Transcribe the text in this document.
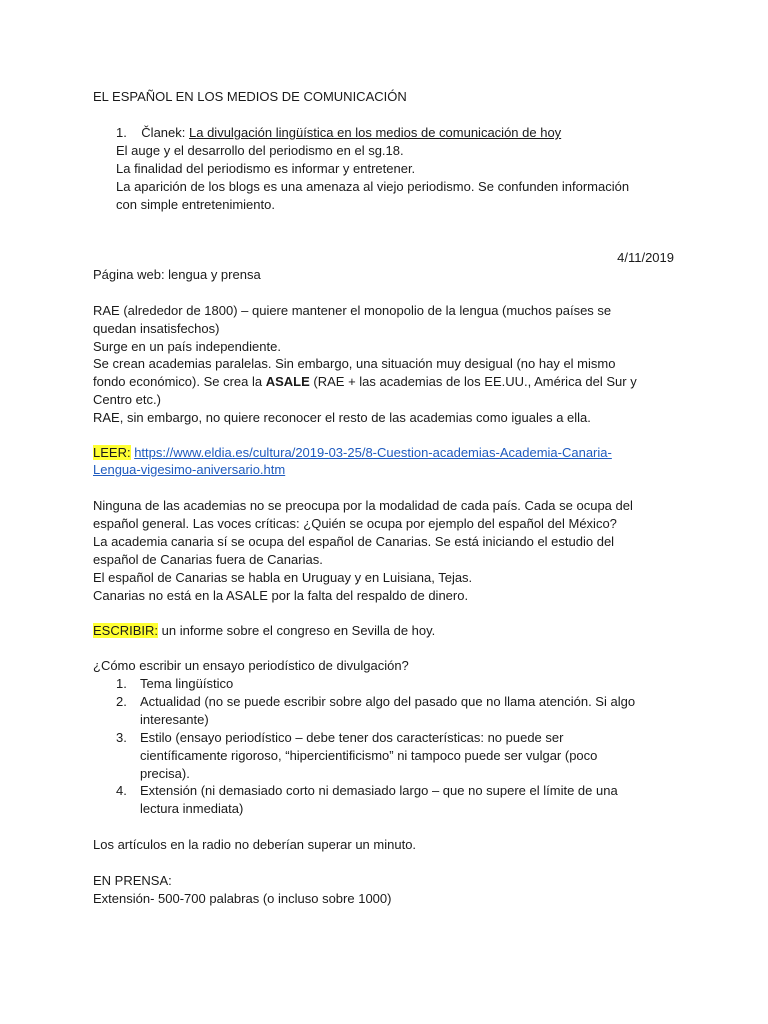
EL ESPAÑOL EN LOS MEDIOS DE COMUNICACIÓN

1. Članek: La divulgación lingüística en los medios de comunicación de hoy

El auge y el desarrollo del periodismo en el sg.18.

La finalidad del periodismo es informar y entretener.

La aparición de los blogs es una amenaza al viejo periodismo. Se confunden información

con simple entretenimiento.

4/11/2019

Página web: lengua y prensa

RAE (alrededor de 1800) – quiere mantener el monopolio de la lengua (muchos países se

quedan insatisfechos)

Surge en un país independiente.

Se crean academias paralelas. Sin embargo, una situación muy desigual (no hay el mismo

fondo económico). Se crea la ASALE (RAE + las academias de los EE.UU., América del Sur y

Centro etc.)

RAE, sin embargo, no quiere reconocer el resto de las academias como iguales a ella.

LEER: https://www.eldia.es/cultura/2019-03-25/8-Cuestion-academias-Academia-Canaria-

Lengua-vigesimo-aniversario.htm

Ninguna de las academias no se preocupa por la modalidad de cada país. Cada se ocupa del

español general. Las voces críticas: ¿Quién se ocupa por ejemplo del español del México?

La academia canaria sí se ocupa del español de Canarias. Se está iniciando el estudio del

español de Canarias fuera de Canarias.

El español de Canarias se habla en Uruguay y en Luisiana, Tejas.

Canarias no está en la ASALE por la falta del respaldo de dinero.

ESCRIBIR: un informe sobre el congreso en Sevilla de hoy.

¿Cómo escribir un ensayo periodístico de divulgación?

1. Tema lingüístico

2. Actualidad (no se puede escribir sobre algo del pasado que no llama atención. Si algo

interesante)

3. Estilo (ensayo periodístico – debe tener dos características: no puede ser

científicamente rigoroso, “hipercientificismo” ni tampoco puede ser vulgar (poco

precisa).

4. Extensión (ni demasiado corto ni demasiado largo – que no supere el límite de una

lectura inmediata)

Los artículos en la radio no deberían superar un minuto.

EN PRENSA:

Extensión- 500-700 palabras (o incluso sobre 1000)
